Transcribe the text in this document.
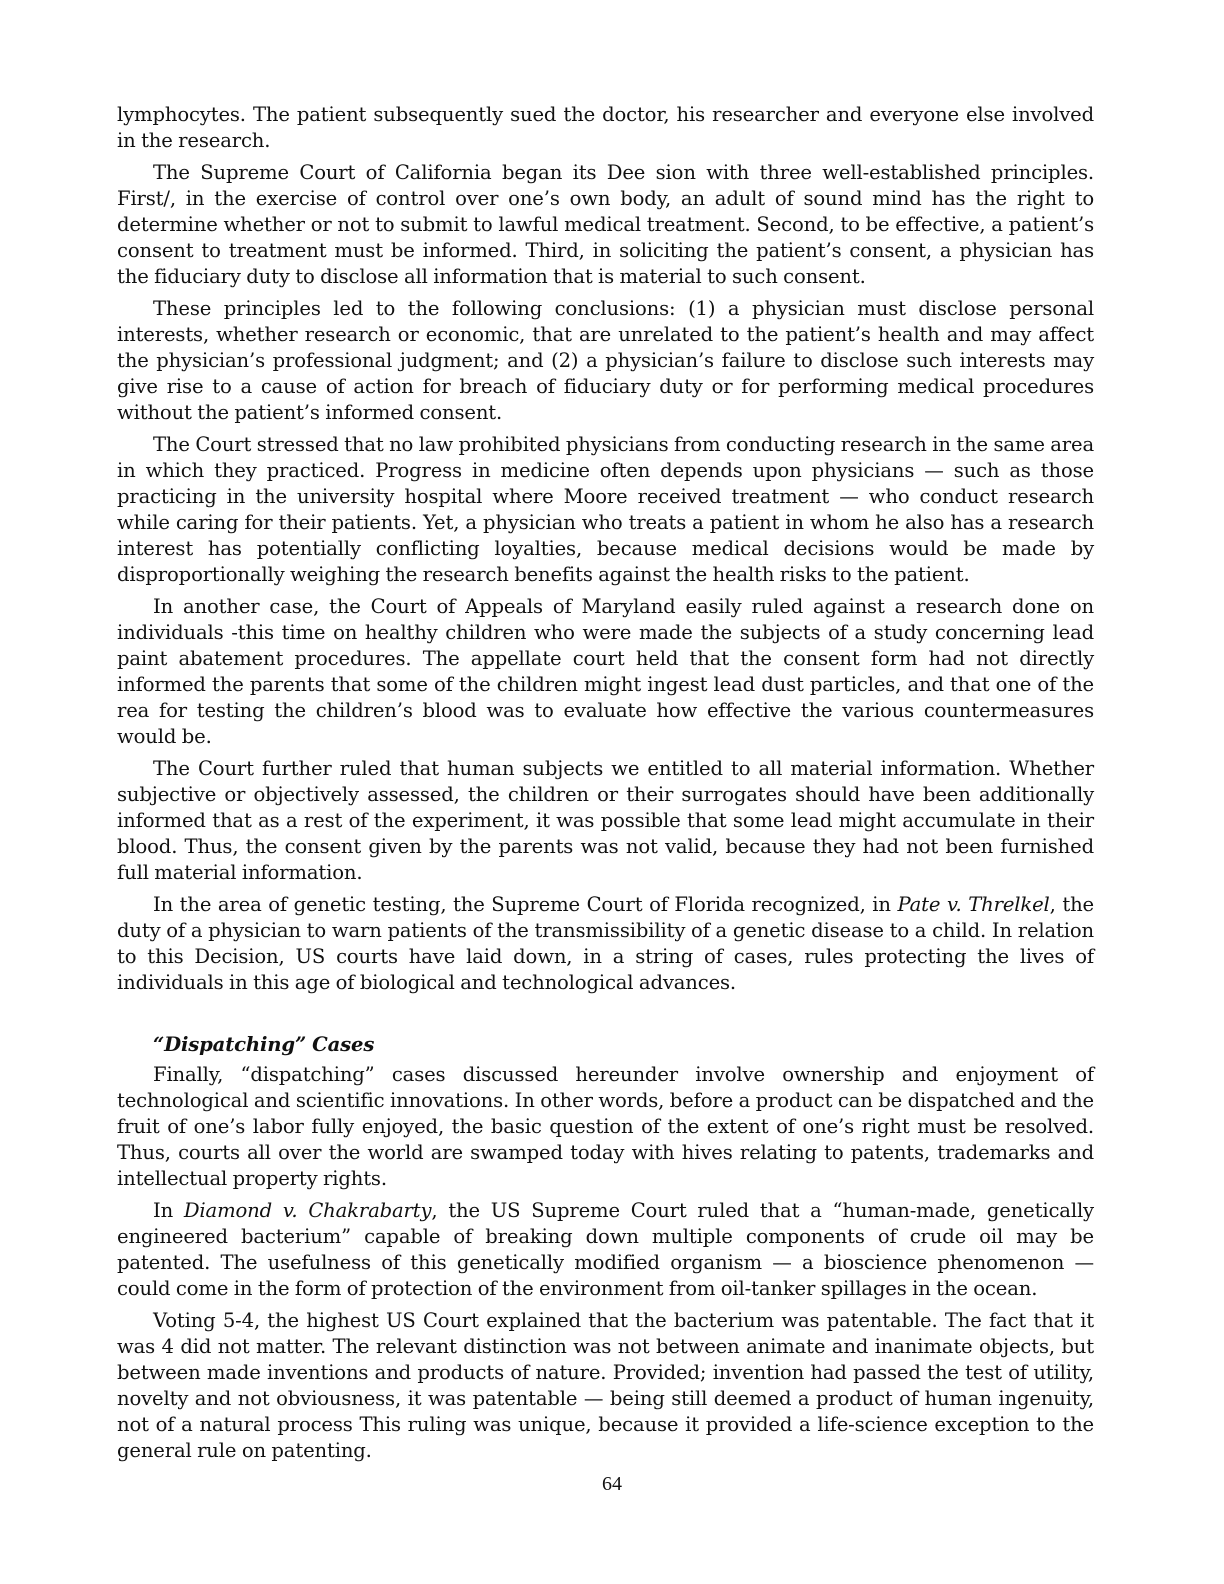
lymphocytes. The patient subsequently sued the doctor, his researcher and everyone else involved in the research.

The Supreme Court of California began its Dee sion with three well-established principles. First/, in the exercise of control over one’s own body, an adult of sound mind has the right to determine whether or not to submit to lawful medical treatment. Second, to be effective, a patient’s consent to treatment must be informed. Third, in soliciting the patient’s consent, a physician has the fiduciary duty to disclose all information that is material to such consent.

These principles led to the following conclusions: (1) a physician must disclose personal interests, whether research or economic, that are unrelated to the patient’s health and may affect the physician’s professional judgment; and (2) a physician’s failure to disclose such interests may give rise to a cause of action for breach of fiduciary duty or for performing medical procedures without the patient’s informed consent.

The Court stressed that no law prohibited physicians from conducting research in the same area in which they practiced. Progress in medicine often depends upon physicians — such as those practicing in the university hospital where Moore received treatment — who conduct research while caring for their patients. Yet, a physician who treats a patient in whom he also has a research interest has potentially conflicting loyalties, because medical decisions would be made by disproportionally weighing the research benefits against the health risks to the patient.

In another case, the Court of Appeals of Maryland easily ruled against a research done on individuals -this time on healthy children who were made the subjects of a study concerning lead paint abatement procedures. The appellate court held that the consent form had not directly informed the parents that some of the children might ingest lead dust particles, and that one of the rea for testing the children’s blood was to evaluate how effective the various countermeasures would be.

The Court further ruled that human subjects we entitled to all material information. Whether subjective or objectively assessed, the children or their surrogates should have been additionally informed that as a rest of the experiment, it was possible that some lead might accumulate in their blood. Thus, the consent given by the parents was not valid, because they had not been furnished full material information.

In the area of genetic testing, the Supreme Court of Florida recognized, in Pate v. Threlkel, the duty of a physician to warn patients of the transmissibility of a genetic disease to a child. In relation to this Decision, US courts have laid down, in a string of cases, rules protecting the lives of individuals in this age of biological and technological advances.

“Dispatching” Cases

Finally, “dispatching” cases discussed hereunder involve ownership and enjoyment of technological and scientific innovations. In other words, before a product can be dispatched and the fruit of one’s labor fully enjoyed, the basic question of the extent of one’s right must be resolved. Thus, courts all over the world are swamped today with hives relating to patents, trademarks and intellectual property rights.

In Diamond v. Chakrabarty, the US Supreme Court ruled that a “human-made, genetically engineered bacterium” capable of breaking down multiple components of crude oil may be patented. The usefulness of this genetically modified organism — a bioscience phenomenon — could come in the form of protection of the environment from oil-tanker spillages in the ocean.

Voting 5-4, the highest US Court explained that the bacterium was patentable. The fact that it was 4 did not matter. The relevant distinction was not between animate and inanimate objects, but between made inventions and products of nature. Provided; invention had passed the test of utility, novelty and not obviousness, it was patentable — being still deemed a product of human ingenuity, not of a natural process This ruling was unique, because it provided a life-science exception to the general rule on patenting.

64
